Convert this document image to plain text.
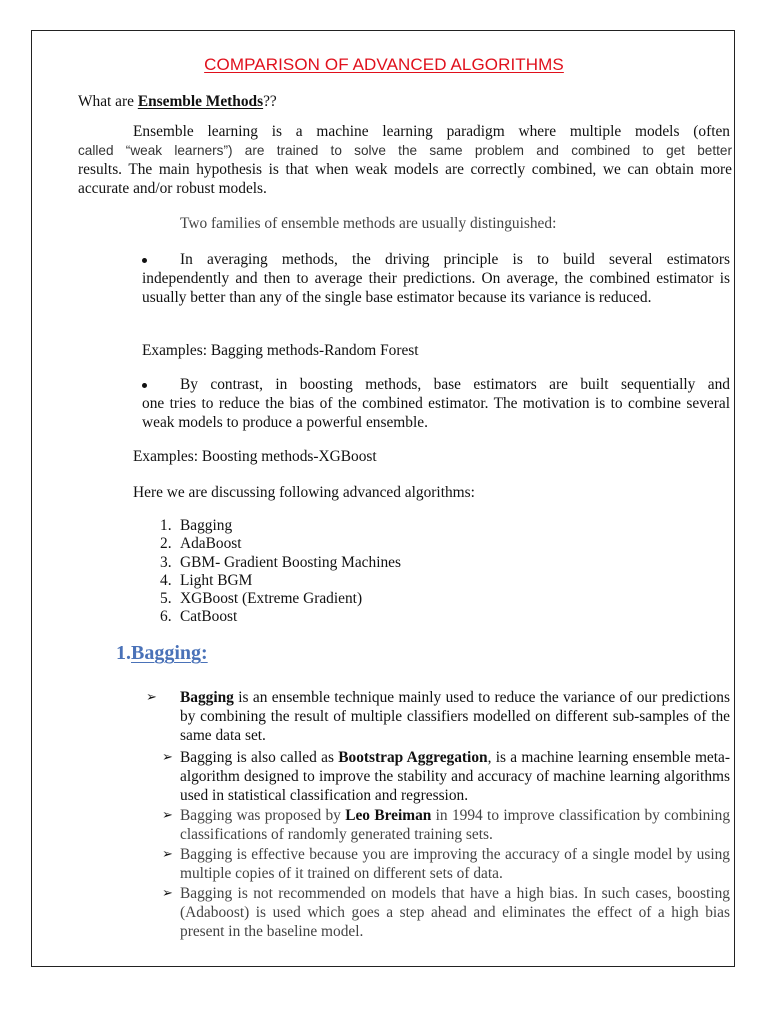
COMPARISON OF ADVANCED ALGORITHMS
What are Ensemble Methods??
Ensemble learning is a machine learning paradigm where multiple models (often
called “weak learners”) are trained to solve the same problem and combined to get better
results. The main hypothesis is that when weak models are correctly combined, we can obtain more accurate and/or robust models.
Two families of ensemble methods are usually distinguished:
In averaging methods, the driving principle is to build several estimators
independently and then to average their predictions. On average, the combined estimator is usually better than any of the single base estimator because its variance is reduced.
Examples: Bagging methods-Random Forest
By contrast, in boosting methods, base estimators are built sequentially and
one tries to reduce the bias of the combined estimator. The motivation is to combine several weak models to produce a powerful ensemble.
Examples: Boosting methods-XGBoost
Here we are discussing following advanced algorithms:
1. Bagging
2. AdaBoost
3. GBM- Gradient Boosting Machines
4. Light BGM
5. XGBoost (Extreme Gradient)
6. CatBoost
1.Bagging:
➢ Bagging is an ensemble technique mainly used to reduce the variance of our predictions by combining the result of multiple classifiers modelled on different sub-samples of the same data set.
➢ Bagging is also called as Bootstrap Aggregation, is a machine learning ensemble meta-algorithm designed to improve the stability and accuracy of machine learning algorithms used in statistical classification and regression.
➢ Bagging was proposed by Leo Breiman in 1994 to improve classification by combining classifications of randomly generated training sets.
➢ Bagging is effective because you are improving the accuracy of a single model by using multiple copies of it trained on different sets of data.
➢ Bagging is not recommended on models that have a high bias. In such cases, boosting (Adaboost) is used which goes a step ahead and eliminates the effect of a high bias present in the baseline model.
